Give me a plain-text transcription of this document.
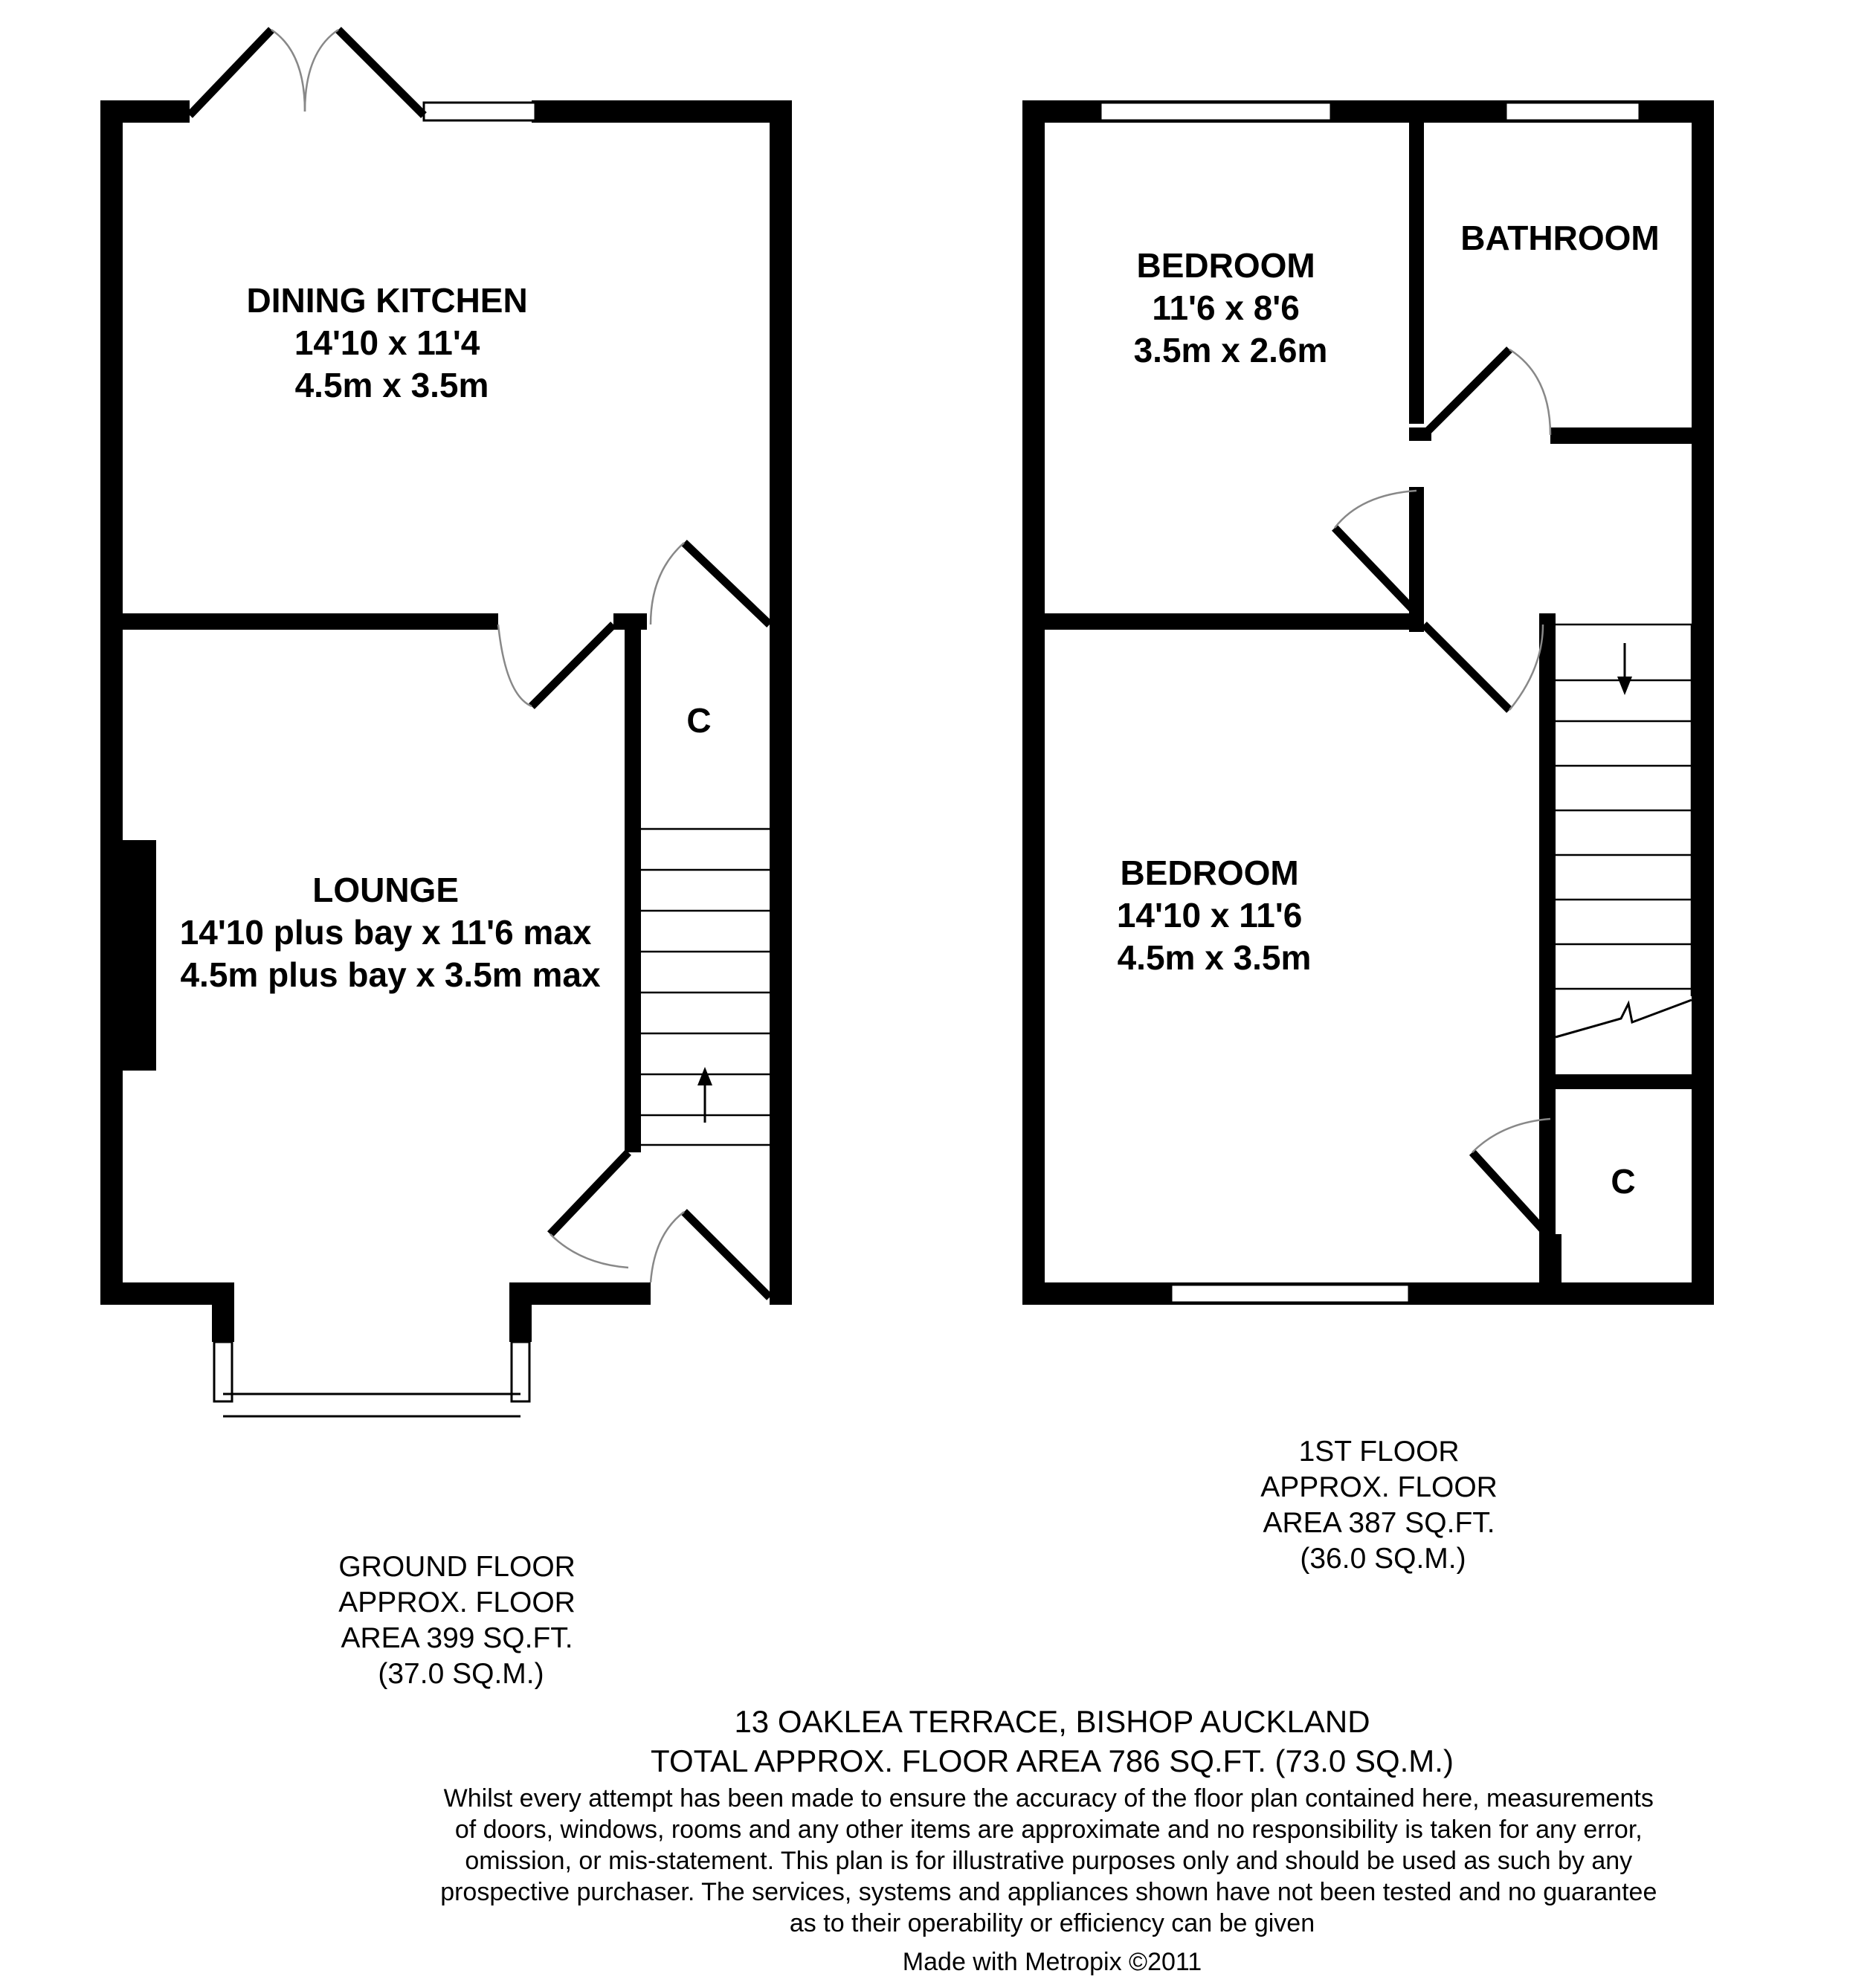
DINING KITCHEN 14'10 x 11'4 4.5m x 3.5m
LOUNGE 14'10 plus bay x 11'6 max 4.5m plus bay x 3.5m max
C
GROUND FLOOR APPROX. FLOOR AREA 399 SQ.FT. (37.0 SQ.M.)
BEDROOM 11'6 x 8'6 3.5m x 2.6m
BATHROOM
BEDROOM 14'10 x 11'6 4.5m x 3.5m
C
1ST FLOOR APPROX. FLOOR AREA 387 SQ.FT. (36.0 SQ.M.)
13 OAKLEA TERRACE, BISHOP AUCKLAND
TOTAL APPROX. FLOOR AREA 786 SQ.FT. (73.0 SQ.M.)
Whilst every attempt has been made to ensure the accuracy of the floor plan contained here, measurements of doors, windows, rooms and any other items are approximate and no responsibility is taken for any error, omission, or mis-statement. This plan is for illustrative purposes only and should be used as such by any prospective purchaser. The services, systems and appliances shown have not been tested and no guarantee as to their operability or efficiency can be given
Made with Metropix ©2011
